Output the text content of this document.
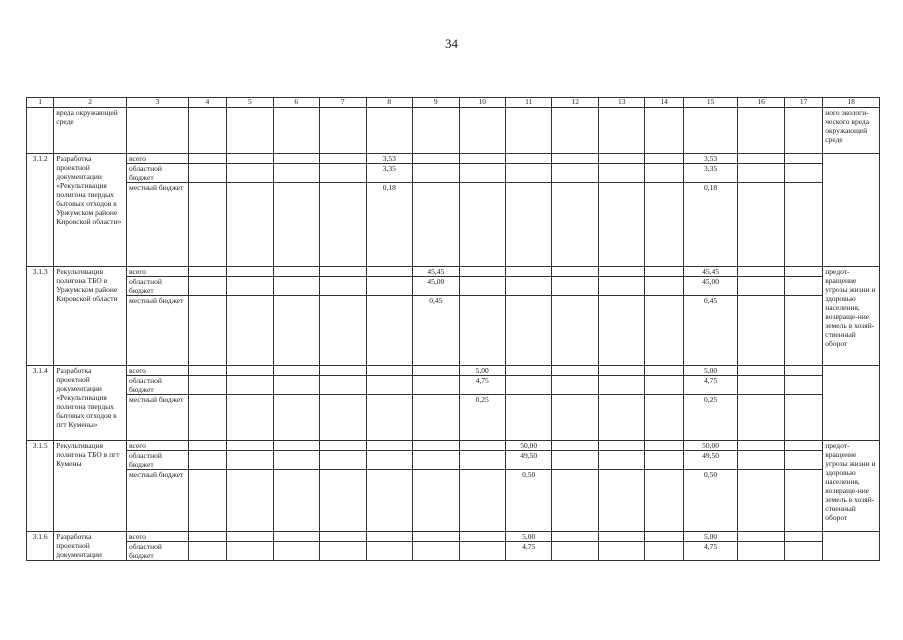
34
1	2	3	4	5	6	7	8	9	10	11	12	13	14	15	16	17	18
	вреда окружающей среде																ного экологи-ческого вреда окружающей среде
3.1.2	Разработка проектной документации «Рекультивация полигона твердых бытовых отходов в Уржумском районе Кировской области»	всего					3,53							3,53			
		областной бюджет					3,35							3,35			
		местный бюджет					0,18							0,18			
3.1.3	Рекультивация полигона ТБО в Уржумском районе Кировской области	всего						45,45						45,45			предот-вращение угрозы жизни и здоровью населения, возвраще-ние земель в хозяй-ственный оборот
		областной бюджет						45,00						45,00			
		местный бюджет						0,45						0,45			
3.1.4	Разработка проектной документации «Рекультивация полигона твердых бытовых отходов в пгт Кумены»	всего							5,00					5,00			
		областной бюджет							4,75					4,75			
		местный бюджет							0,25					0,25			
3.1.5	Рекультивация полигона ТБО в пгт Кумены	всего								50,00				50,00			предот-вращение угрозы жизни и здоровью населения, возвраще-ние земель в хозяй-ственный оборот
		областной бюджет								49,50				49,50			
		местный бюджет								0,50				0,50			
3.1.6	Разработка проектной документации	всего								5,00				5,00			
		областной бюджет								4,75				4,75			
